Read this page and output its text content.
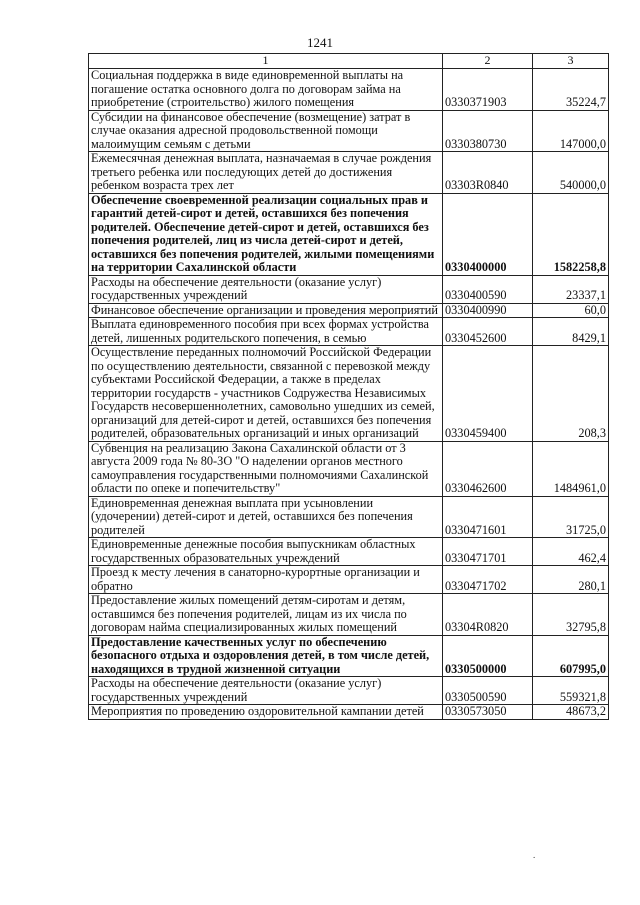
1241
1	2	3
Социальная поддержка в виде единовременной выплаты на погашение остатка основного долга по договорам займа на приобретение (строительство) жилого помещения	0330371903	35224,7
Субсидии на финансовое обеспечение (возмещение) затрат в случае оказания адресной продовольственной помощи малоимущим семьям с детьми	0330380730	147000,0
Ежемесячная денежная выплата, назначаемая в случае рождения третьего ребенка или последующих детей до достижения ребенком возраста трех лет	03303R0840	540000,0
Обеспечение своевременной реализации социальных прав и гарантий детей-сирот и детей, оставшихся без попечения родителей. Обеспечение детей-сирот и детей, оставшихся без попечения родителей, лиц из числа детей-сирот и детей, оставшихся без попечения родителей, жилыми помещениями на территории Сахалинской области	0330400000	1582258,8
Расходы на обеспечение деятельности (оказание услуг) государственных учреждений	0330400590	23337,1
Финансовое обеспечение организации и проведения мероприятий	0330400990	60,0
Выплата единовременного пособия при всех формах устройства детей, лишенных родительского попечения, в семью	0330452600	8429,1
Осуществление переданных полномочий Российской Федерации по осуществлению деятельности, связанной с перевозкой между субъектами Российской Федерации, а также в пределах территории государств - участников Содружества Независимых Государств несовершеннолетних, самовольно ушедших из семей, организаций для детей-сирот и детей, оставшихся без попечения родителей, образовательных организаций и иных организаций	0330459400	208,3
Субвенция на реализацию Закона Сахалинской области от 3 августа 2009 года № 80-ЗО "О наделении органов местного самоуправления государственными полномочиями Сахалинской области по опеке и попечительству"	0330462600	1484961,0
Единовременная денежная выплата при усыновлении (удочерении) детей-сирот и детей, оставшихся без попечения родителей	0330471601	31725,0
Единовременные денежные пособия выпускникам областных государственных образовательных учреждений	0330471701	462,4
Проезд к месту лечения в санаторно-курортные организации и обратно	0330471702	280,1
Предоставление жилых помещений детям-сиротам и детям, оставшимся без попечения родителей, лицам из их числа по договорам найма специализированных жилых помещений	03304R0820	32795,8
Предоставление качественных услуг по обеспечению безопасного отдыха и оздоровления детей, в том числе детей, находящихся в трудной жизненной ситуации	0330500000	607995,0
Расходы на обеспечение деятельности (оказание услуг) государственных учреждений	0330500590	559321,8
Мероприятия по проведению оздоровительной кампании детей	0330573050	48673,2
.
